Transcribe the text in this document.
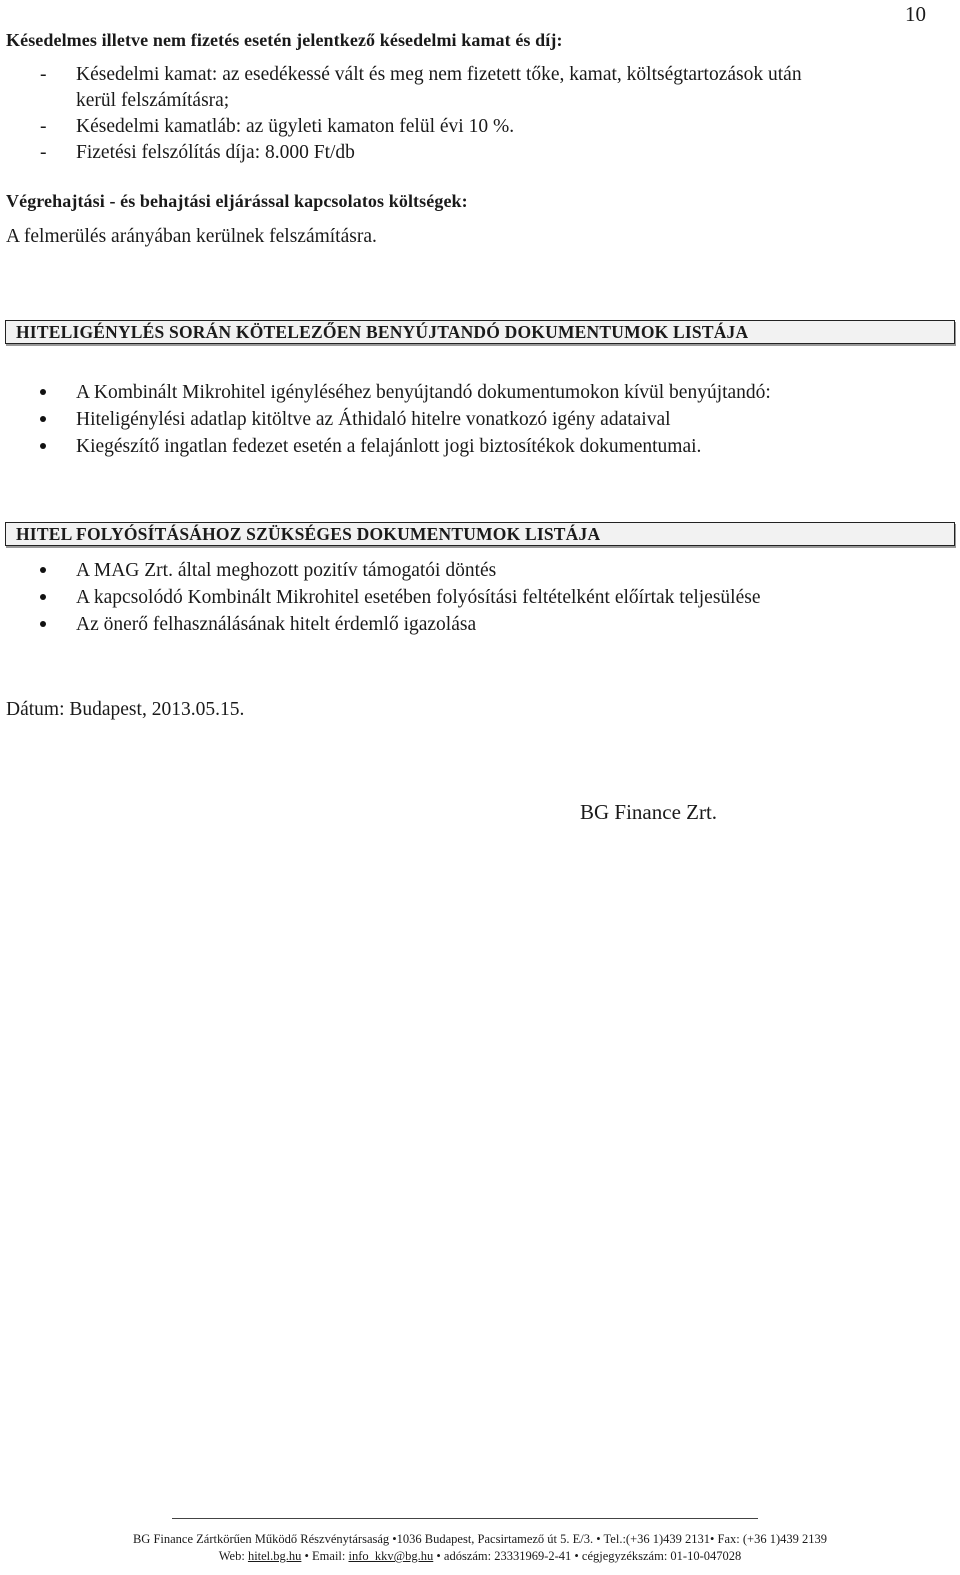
10
Késedelmes illetve nem fizetés esetén jelentkező késedelmi kamat és díj:
- Késedelmi kamat: az esedékessé vált és meg nem fizetett tőke, kamat, költségtartozások után
kerül felszámításra;
- Késedelmi kamatláb: az ügyleti kamaton felül évi 10 %.
- Fizetési felszólítás díja: 8.000 Ft/db
Végrehajtási - és behajtási eljárással kapcsolatos költségek:
A felmerülés arányában kerülnek felszámításra.
HITELIGÉNYLÉS SORÁN KÖTELEZŐEN BENYÚJTANDÓ DOKUMENTUMOK LISTÁJA
A Kombinált Mikrohitel igényléséhez benyújtandó dokumentumokon kívül benyújtandó:
Hiteligénylési adatlap kitöltve az Áthidaló hitelre vonatkozó igény adataival
Kiegészítő ingatlan fedezet esetén a felajánlott jogi biztosítékok dokumentumai.
HITEL FOLYÓSÍTÁSÁHOZ SZÜKSÉGES DOKUMENTUMOK LISTÁJA
A MAG Zrt. által meghozott pozitív támogatói döntés
A kapcsolódó Kombinált Mikrohitel esetében folyósítási feltételként előírtak teljesülése
Az önerő felhasználásának hitelt érdemlő igazolása
Dátum: Budapest, 2013.05.15.
BG Finance Zrt.
BG Finance Zártkörűen Működő Részvénytársaság •1036 Budapest, Pacsirtamező út 5. E/3. • Tel.:(+36 1)439 2131• Fax: (+36 1)439 2139
Web: hitel.bg.hu • Email: info_kkv@bg.hu • adószám: 23331969-2-41 • cégjegyzékszám: 01-10-047028
